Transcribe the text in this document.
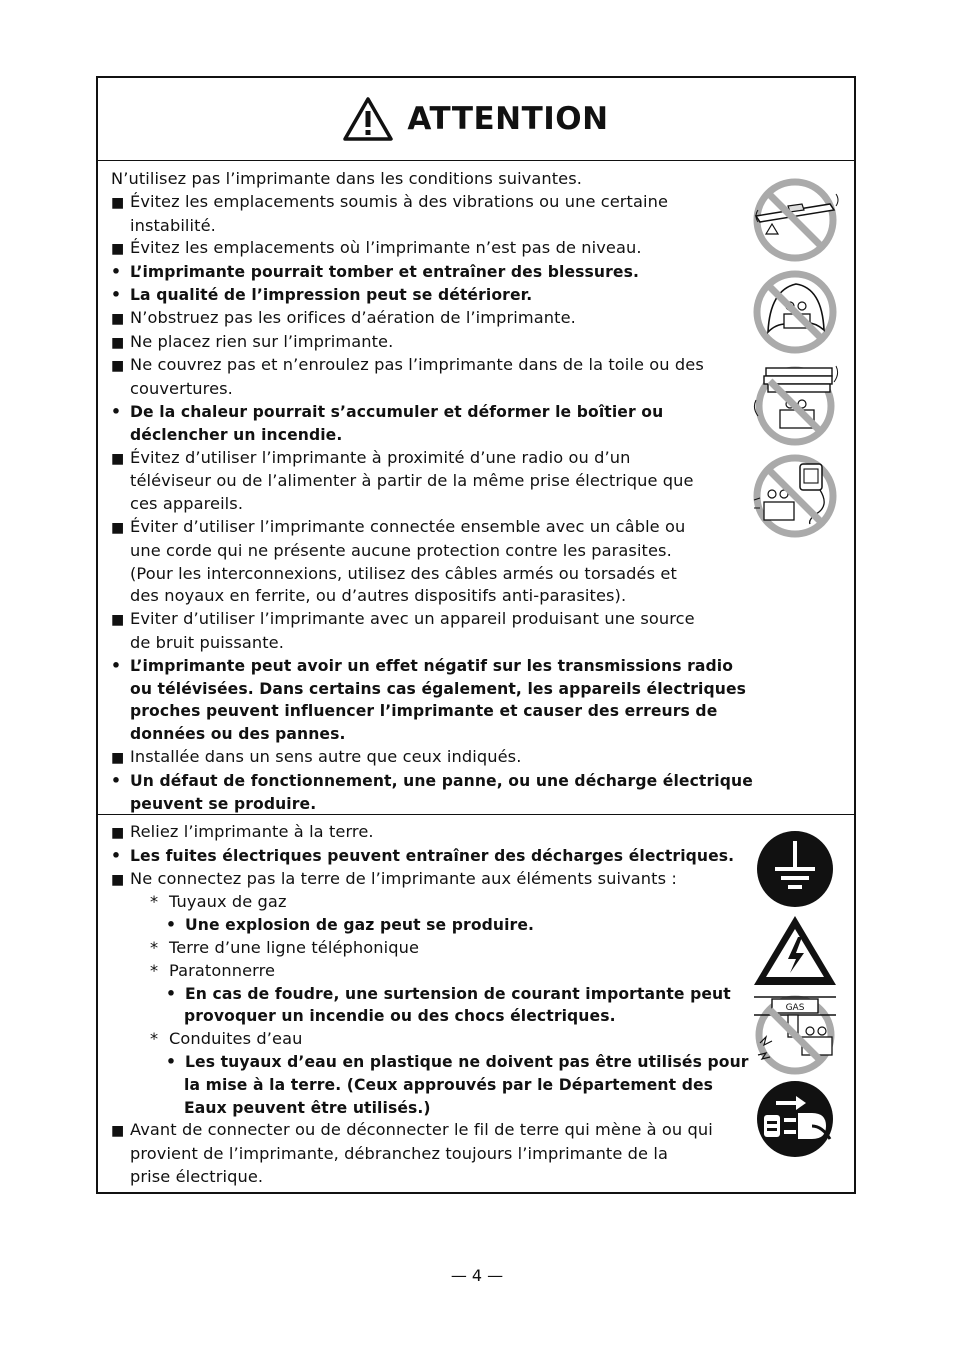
ATTENTION
N’utilisez pas l’imprimante dans les conditions suivantes.
■ Évitez les emplacements soumis à des vibrations ou une certaine
instabilité.
■ Évitez les emplacements où l’imprimante n’est pas de niveau.
• L’imprimante pourrait tomber et entraîner des blessures.
• La qualité de l’impression peut se détériorer.
■ N’obstruez pas les orifices d’aération de l’imprimante.
■ Ne placez rien sur l’imprimante.
■ Ne couvrez pas et n’enroulez pas l’imprimante dans de la toile ou des
couvertures.
• De la chaleur pourrait s’accumuler et déformer le boîtier ou
déclencher un incendie.
■ Évitez d’utiliser l’imprimante à proximité d’une radio ou d’un
téléviseur ou de l’alimenter à partir de la même prise électrique que
ces appareils.
■ Éviter d’utiliser l’imprimante connectée ensemble avec un câble ou
une corde qui ne présente aucune protection contre les parasites.
(Pour les interconnexions, utilisez des câbles armés ou torsadés et
des noyaux en ferrite, ou d’autres dispositifs anti-parasites).
■ Eviter d’utiliser l’imprimante avec un appareil produisant une source
de bruit puissante.
• L’imprimante peut avoir un effet négatif sur les transmissions radio
ou télévisées. Dans certains cas également, les appareils électriques
proches peuvent influencer l’imprimante et causer des erreurs de
données ou des pannes.
■ Installée dans un sens autre que ceux indiqués.
• Un défaut de fonctionnement, une panne, ou une décharge électrique
peuvent se produire.
■ Reliez l’imprimante à la terre.
• Les fuites électriques peuvent entraîner des décharges électriques.
■ Ne connectez pas la terre de l’imprimante aux éléments suivants :
* Tuyaux de gaz
• Une explosion de gaz peut se produire.
* Terre d’une ligne téléphonique
* Paratonnerre
• En cas de foudre, une surtension de courant importante peut
provoquer un incendie ou des chocs électriques.
* Conduites d’eau
• Les tuyaux d’eau en plastique ne doivent pas être utilisés pour
la mise à la terre. (Ceux approuvés par le Département des
Eaux peuvent être utilisés.)
■ Avant de connecter ou de déconnecter le fil de terre qui mène à ou qui
provient de l’imprimante, débranchez toujours l’imprimante de la
prise électrique.
GAS
— 4 —
